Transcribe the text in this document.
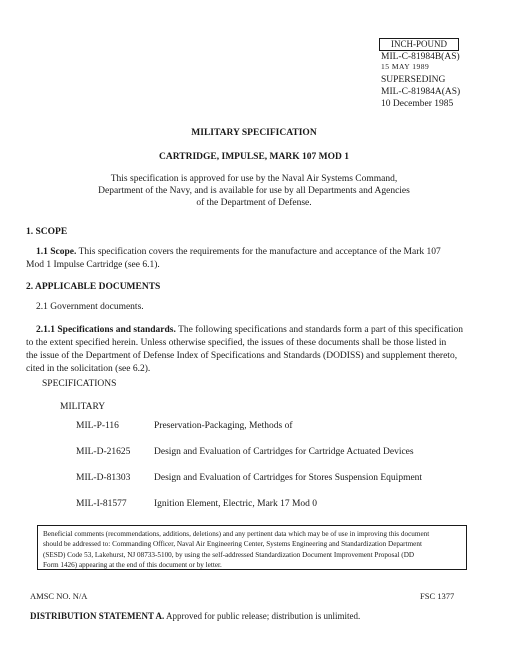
INCH-POUND
MIL-C-81984B(AS)
15 MAY 1989
SUPERSEDING
MIL-C-81984A(AS)
10 December 1985
MILITARY SPECIFICATION
CARTRIDGE, IMPULSE, MARK 107 MOD 1
This specification is approved for use by the Naval Air Systems Command,
Department of the Navy, and is available for use by all Departments and Agencies
of the Department of Defense.
1. SCOPE
1.1 Scope. This specification covers the requirements for the manufacture and acceptance of the Mark 107
Mod 1 Impulse Cartridge (see 6.1).
2. APPLICABLE DOCUMENTS
2.1 Government documents.
2.1.1 Specifications and standards. The following specifications and standards form a part of this specification
to the extent specified herein. Unless otherwise specified, the issues of these documents shall be those listed in
the issue of the Department of Defense Index of Specifications and Standards (DODISS) and supplement thereto,
cited in the solicitation (see 6.2).
SPECIFICATIONS
MILITARY
MIL-P-116	Preservation-Packaging, Methods of
MIL-D-21625	Design and Evaluation of Cartridges for Cartridge Actuated Devices
MIL-D-81303	Design and Evaluation of Cartridges for Stores Suspension Equipment
MIL-I-81577	Ignition Element, Electric, Mark 17 Mod 0
Beneficial comments (recommendations, additions, deletions) and any pertinent data which may be of use in improving this document
should be addressed to: Commanding Officer, Naval Air Engineering Center, Systems Engineering and Standardization Department
(SESD) Code 53, Lakehurst, NJ 08733-5100, by using the self-addressed Standardization Document Improvement Proposal (DD
Form 1426) appearing at the end of this document or by letter.
AMSC NO. N/A	FSC 1377
DISTRIBUTION STATEMENT A. Approved for public release; distribution is unlimited.
